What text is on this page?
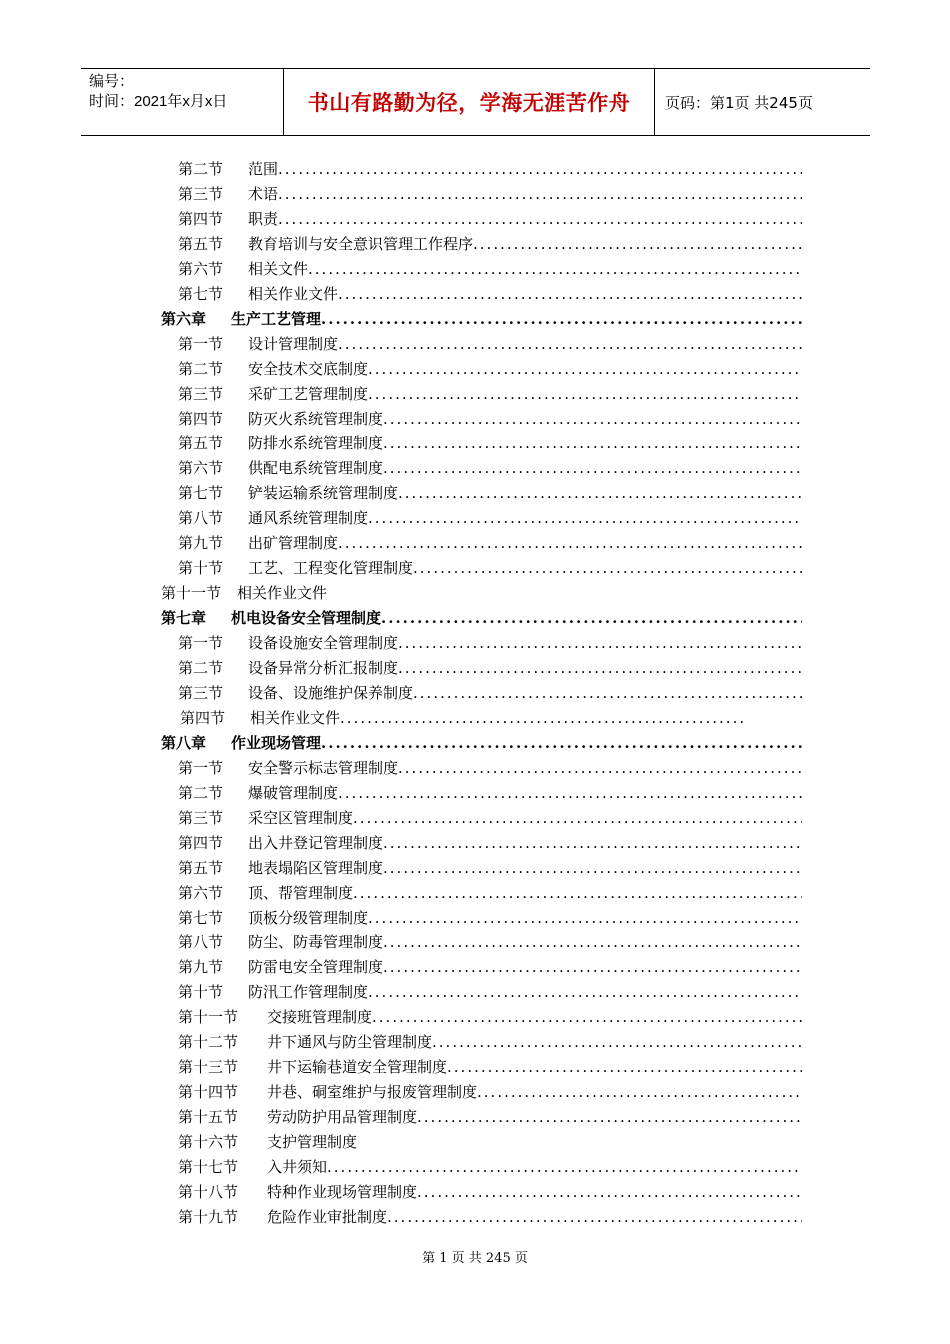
编号：
时间：2021年x月x日	书山有路勤为径，学海无涯苦作舟	页码：第1页 共245页
第二节	范围
.....
第三节	术语
.....
第四节	职责
.....
第五节	教育培训与安全意识管理工作程序
.....
第六节	相关文件
.....
第七节	相关作业文件
.....
第六章	生产工艺管理
.....
第一节	设计管理制度
.....
第二节	安全技术交底制度
.....
第三节	采矿工艺管理制度
.....
第四节	防灭火系统管理制度
.....
第五节	防排水系统管理制度
.....
第六节	供配电系统管理制度
.....
第七节	铲装运输系统管理制度
.....
第八节	通风系统管理制度
.....
第九节	出矿管理制度
.....
第十节	工艺、工程变化管理制度
.....
第十一节	相关作业文件
第七章	机电设备安全管理制度
.....
第一节	设备设施安全管理制度
.....
第二节	设备异常分析汇报制度
.....
第三节	设备、设施维护保养制度
.....
第四节	相关作业文件
.....
第八章	作业现场管理
.....
第一节	安全警示标志管理制度
.....
第二节	爆破管理制度
.....
第三节	采空区管理制度
.....
第四节	出入井登记管理制度
.....
第五节	地表塌陷区管理制度
.....
第六节	顶、帮管理制度
.....
第七节	顶板分级管理制度
.....
第八节	防尘、防毒管理制度
.....
第九节	防雷电安全管理制度
.....
第十节	防汛工作管理制度
.....
第十一节	交接班管理制度
.....
第十二节	井下通风与防尘管理制度
.....
第十三节	井下运输巷道安全管理制度
.....
第十四节	井巷、硐室维护与报废管理制度
.....
第十五节	劳动防护用品管理制度
.....
第十六节	支护管理制度
第十七节	入井须知
.....
第十八节	特种作业现场管理制度
.....
第十九节	危险作业审批制度
.....
第 1 页 共 245 页
